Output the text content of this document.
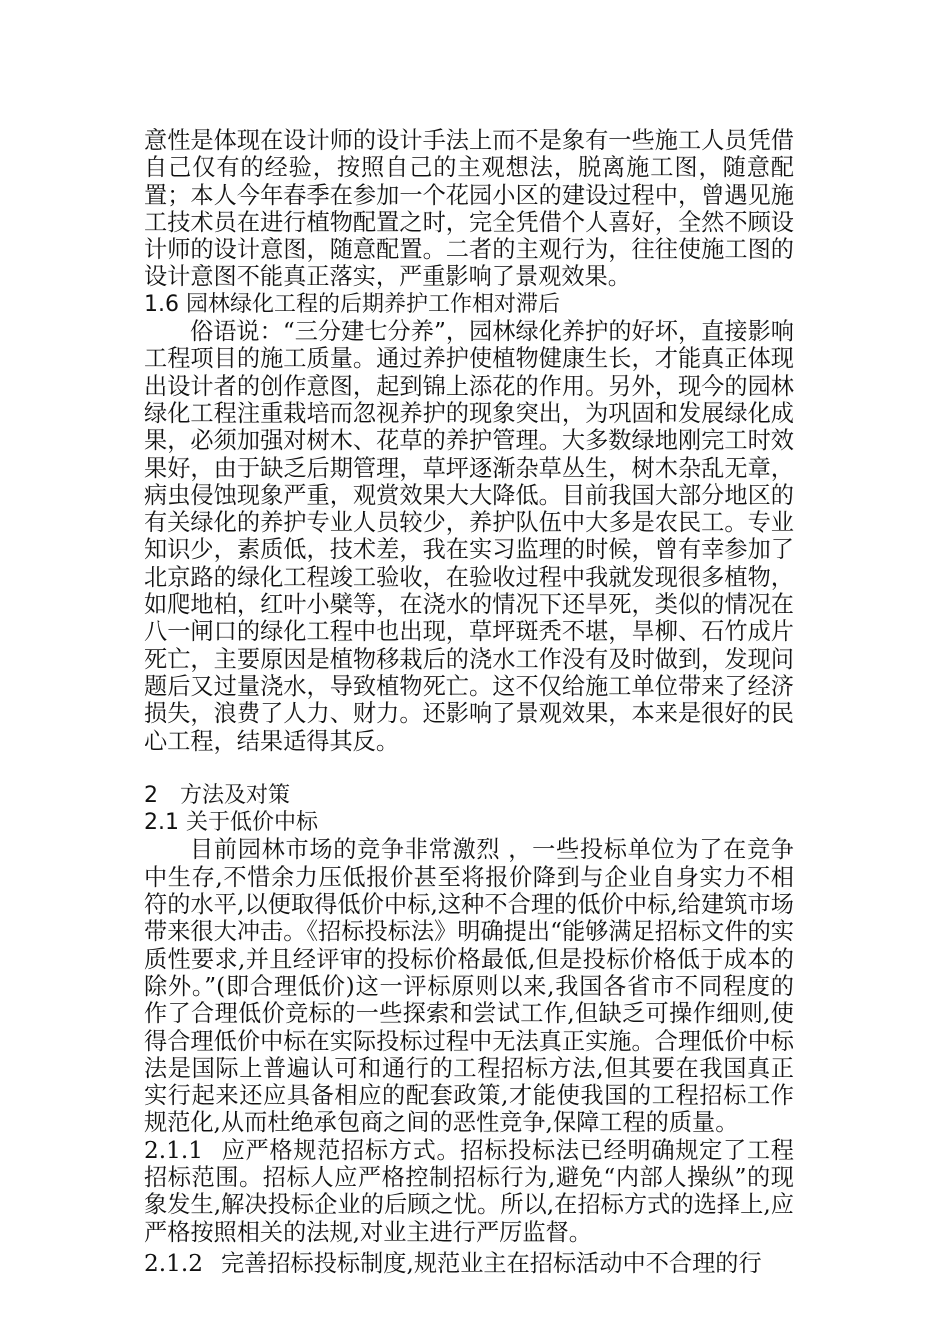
意性是体现在设计师的设计手法上而不是象有一些施工人员凭借自己仅有的经验，按照自己的主观想法，脱离施工图，随意配置；本人今年春季在参加一个花园小区的建设过程中，曾遇见施工技术员在进行植物配置之时，完全凭借个人喜好，全然不顾设计师的设计意图，随意配置。二者的主观行为，往往使施工图的设计意图不能真正落实，严重影响了景观效果。

1.6 园林绿化工程的后期养护工作相对滞后

俗语说：“三分建七分养”，园林绿化养护的好坏，直接影响工程项目的施工质量。通过养护使植物健康生长，才能真正体现出设计者的创作意图，起到锦上添花的作用。另外，现今的园林绿化工程注重栽培而忽视养护的现象突出，为巩固和发展绿化成果，必须加强对树木、花草的养护管理。大多数绿地刚完工时效果好，由于缺乏后期管理，草坪逐渐杂草丛生，树木杂乱无章，病虫侵蚀现象严重，观赏效果大大降低。目前我国大部分地区的有关绿化的养护专业人员较少，养护队伍中大多是农民工。专业知识少，素质低，技术差，我在实习监理的时候，曾有幸参加了北京路的绿化工程竣工验收，在验收过程中我就发现很多植物，如爬地柏，红叶小檗等，在浇水的情况下还旱死，类似的情况在八一闸口的绿化工程中也出现，草坪斑秃不堪，旱柳、石竹成片死亡，主要原因是植物移栽后的浇水工作没有及时做到，发现问题后又过量浇水，导致植物死亡。这不仅给施工单位带来了经济损失，浪费了人力、财力。还影响了景观效果，本来是很好的民心工程，结果适得其反。

2 方法及对策
2.1 关于低价中标

目前园林市场的竞争非常激烈 ，一些投标单位为了在竞争中生存,不惜余力压低报价甚至将报价降到与企业自身实力不相符的水平,以便取得低价中标,这种不合理的低价中标,给建筑市场带来很大冲击。《招标投标法》明确提出“能够满足招标文件的实质性要求,并且经评审的投标价格最低,但是投标价格低于成本的除外。”(即合理低价)这一评标原则以来,我国各省市不同程度的作了合理低价竞标的一些探索和尝试工作,但缺乏可操作细则,使得合理低价中标在实际投标过程中无法真正实施。合理低价中标法是国际上普遍认可和通行的工程招标方法,但其要在我国真正实行起来还应具备相应的配套政策,才能使我国的工程招标工作规范化,从而杜绝承包商之间的恶性竞争,保障工程的质量。

2.1.1 应严格规范招标方式。招标投标法已经明确规定了工程招标范围。招标人应严格控制招标行为,避免“内部人操纵”的现象发生,解决投标企业的后顾之忧。所以,在招标方式的选择上,应严格按照相关的法规,对业主进行严厉监督。

2.1.2 完善招标投标制度,规范业主在招标活动中不合理的行
